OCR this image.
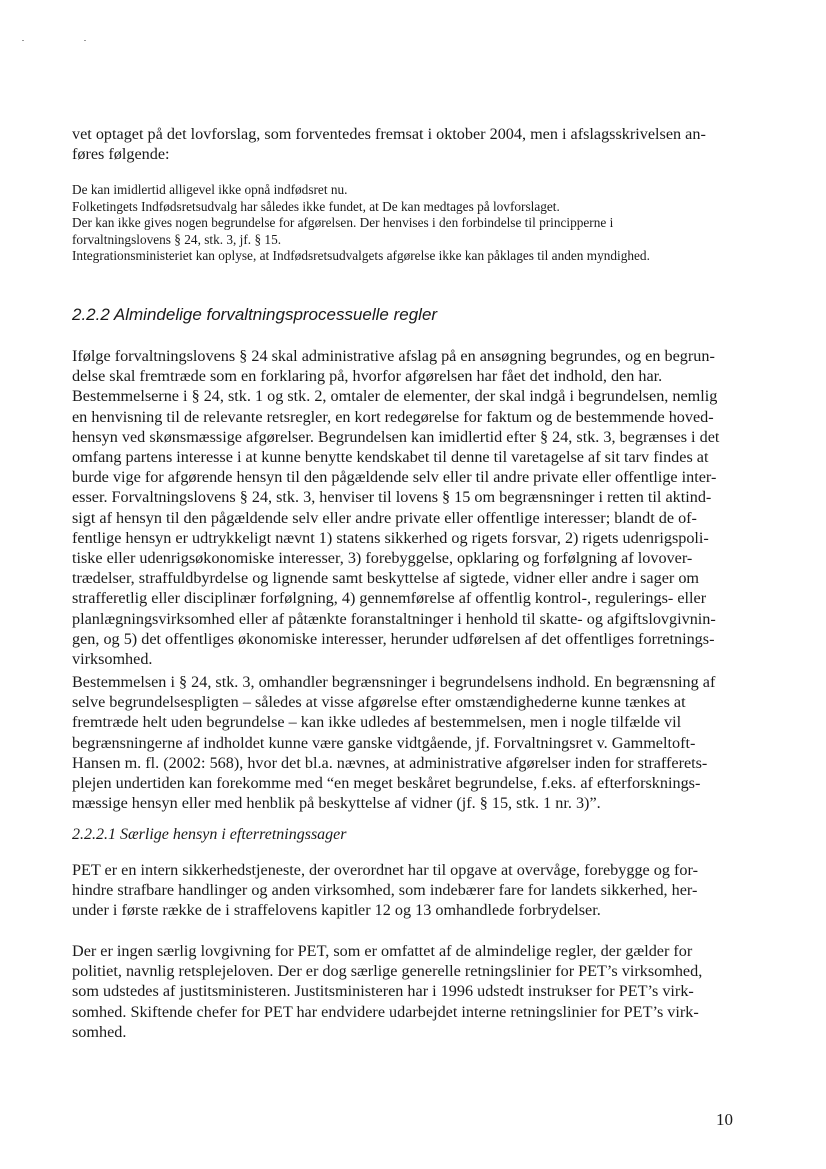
vet optaget på det lovforslag, som forventedes fremsat i oktober 2004, men i afslagsskrivelsen an-
føres følgende:
De kan imidlertid alligevel ikke opnå indfødsret nu.
Folketingets Indfødsretsudvalg har således ikke fundet, at De kan medtages på lovforslaget.
Der kan ikke gives nogen begrundelse for afgørelsen. Der henvises i den forbindelse til principperne i
forvaltningslovens § 24, stk. 3, jf. § 15.
Integrationsministeriet kan oplyse, at Indfødsretsudvalgets afgørelse ikke kan påklages til anden myndighed.
2.2.2 Almindelige forvaltningsprocessuelle regler
Ifølge forvaltningslovens § 24 skal administrative afslag på en ansøgning begrundes, og en begrun-
delse skal fremtræde som en forklaring på, hvorfor afgørelsen har fået det indhold, den har.
Bestemmelserne i § 24, stk. 1 og stk. 2, omtaler de elementer, der skal indgå i begrundelsen, nemlig
en henvisning til de relevante retsregler, en kort redegørelse for faktum og de bestemmende hoved-
hensyn ved skønsmæssige afgørelser. Begrundelsen kan imidlertid efter § 24, stk. 3, begrænses i det
omfang partens interesse i at kunne benytte kendskabet til denne til varetagelse af sit tarv findes at
burde vige for afgørende hensyn til den pågældende selv eller til andre private eller offentlige inter-
esser. Forvaltningslovens § 24, stk. 3, henviser til lovens § 15 om begrænsninger i retten til aktind-
sigt af hensyn til den pågældende selv eller andre private eller offentlige interesser; blandt de of-
fentlige hensyn er udtrykkeligt nævnt 1) statens sikkerhed og rigets forsvar, 2) rigets udenrigspoli-
tiske eller udenrigsøkonomiske interesser, 3) forebyggelse, opklaring og forfølgning af lovover-
trædelser, straffuldbyrdelse og lignende samt beskyttelse af sigtede, vidner eller andre i sager om
strafferetlig eller disciplinær forfølgning, 4) gennemførelse af offentlig kontrol-, regulerings- eller
planlægningsvirksomhed eller af påtænkte foranstaltninger i henhold til skatte- og afgiftslovgivnin-
gen, og 5) det offentliges økonomiske interesser, herunder udførelsen af det offentliges forretnings-
virksomhed.
Bestemmelsen i § 24, stk. 3, omhandler begrænsninger i begrundelsens indhold. En begrænsning af
selve begrundelsespligten – således at visse afgørelse efter omstændighederne kunne tænkes at
fremtræde helt uden begrundelse – kan ikke udledes af bestemmelsen, men i nogle tilfælde vil
begrænsningerne af indholdet kunne være ganske vidtgående, jf. Forvaltningsret v. Gammeltoft-
Hansen m. fl. (2002: 568), hvor det bl.a. nævnes, at administrative afgørelser inden for strafferets-
plejen undertiden kan forekomme med “en meget beskåret begrundelse, f.eks. af efterforsknings-
mæssige hensyn eller med henblik på beskyttelse af vidner (jf. § 15, stk. 1 nr. 3)”.
2.2.2.1 Særlige hensyn i efterretningssager
PET er en intern sikkerhedstjeneste, der overordnet har til opgave at overvåge, forebygge og for-
hindre strafbare handlinger og anden virksomhed, som indebærer fare for landets sikkerhed, her-
under i første række de i straffelovens kapitler 12 og 13 omhandlede forbrydelser.
Der er ingen særlig lovgivning for PET, som er omfattet af de almindelige regler, der gælder for
politiet, navnlig retsplejeloven. Der er dog særlige generelle retningslinier for PET’s virksomhed,
som udstedes af justitsministeren. Justitsministeren har i 1996 udstedt instrukser for PET’s virk-
somhed. Skiftende chefer for PET har endvidere udarbejdet interne retningslinier for PET’s virk-
somhed.
10
